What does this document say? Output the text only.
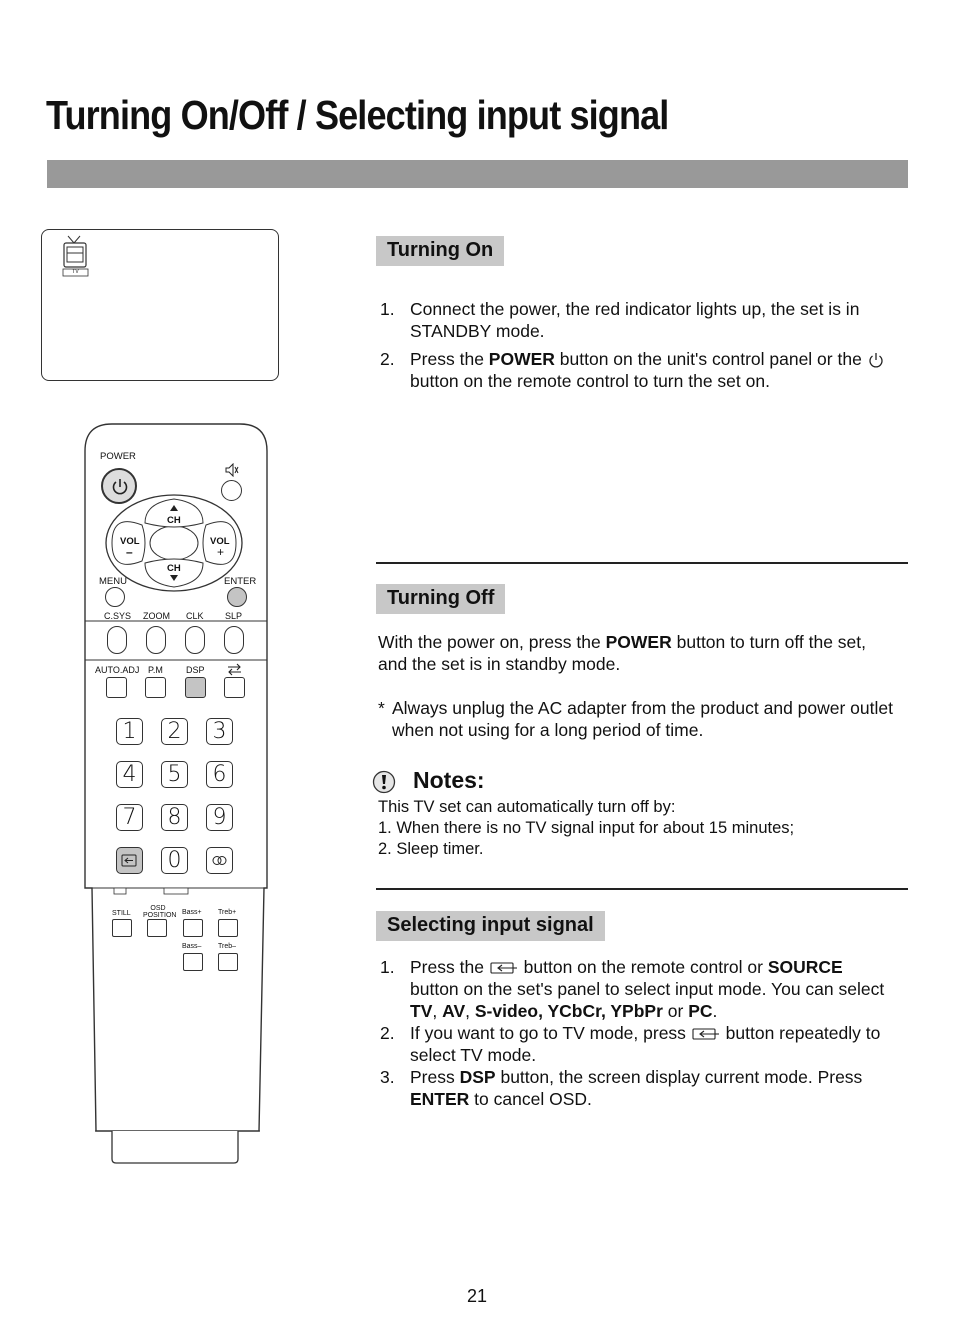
Turning On/Off / Selecting input signal
TV
POWER
CH
CH
VOL
–
VOL
+
MENU	ENTER
C.SYS ZOOM CLK SLP
AUTO.ADJ P.M	DSP
1 2 3
4 5 6
7 8 9
0
STILL
OSD
POSITION Bass+ Treb+
Bass– Treb–
Turning On
1. Connect the power, the red indicator lights up, the set is in STANDBY mode.
2. Press the POWER button on the unit's control panel or the  button on the remote control to turn the set on.
Turning Off
With the power on, press the POWER button to turn off the set, and the set is in standby mode.
* Always unplug the AC adapter from the product and power outlet when not using for a long period of time.
Notes:
This TV set can automatically turn off by:
1. When there is no TV signal input for about 15 minutes;
2. Sleep timer.
Selecting input signal
1. Press the  button on the remote control or SOURCE button on the set's panel to select input mode. You can select TV, AV, S-video, YCbCr, YPbPr or PC.
2. If you want to go to TV mode, press  button repeatedly to select TV mode.
3. Press DSP button, the screen display current mode. Press ENTER to cancel OSD.
21
